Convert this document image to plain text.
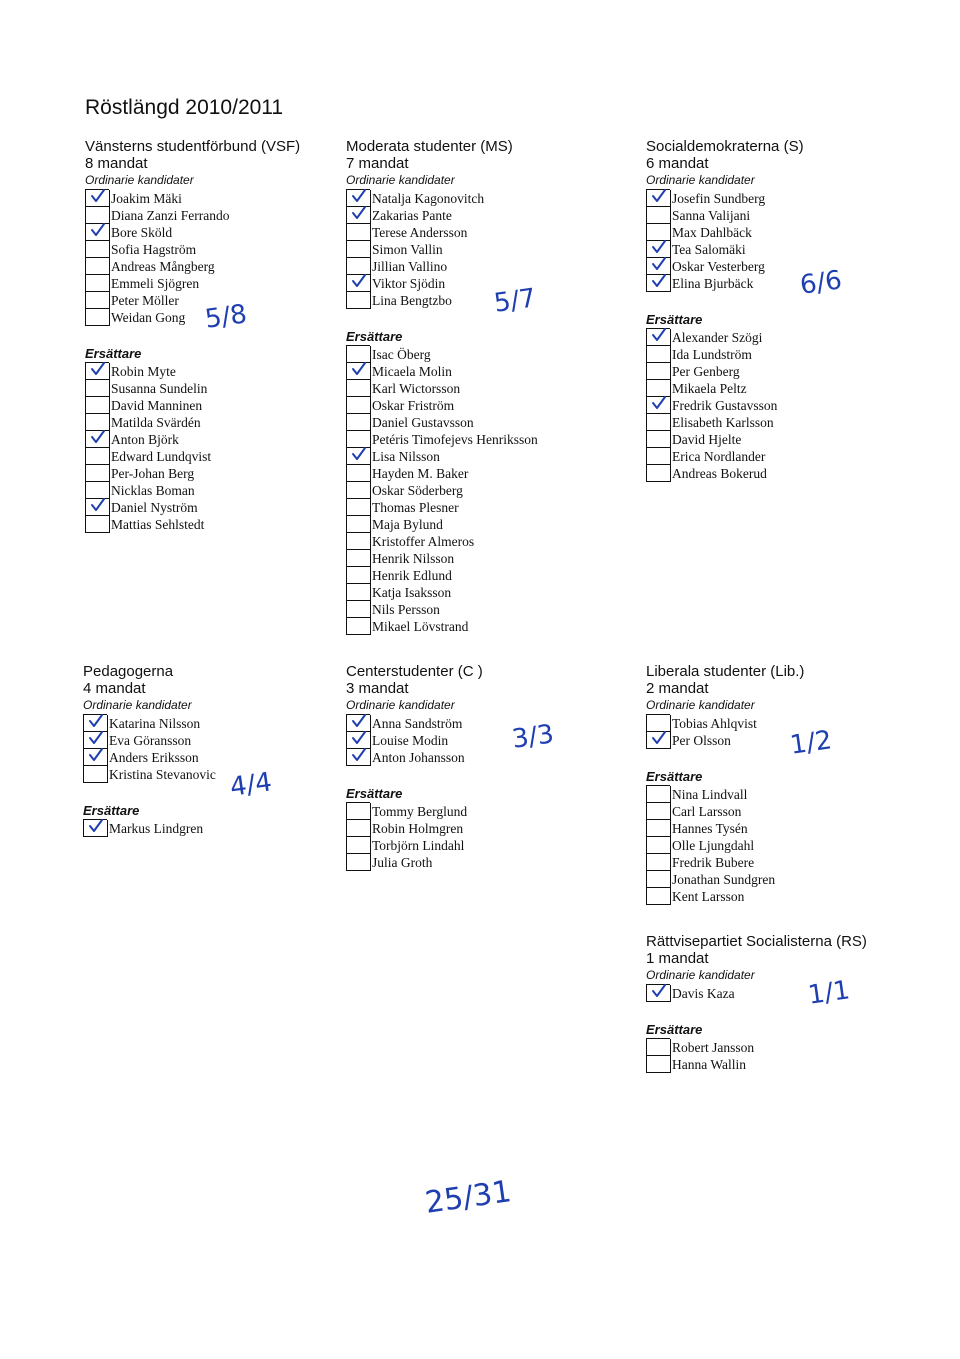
Röstlängd 2010/2011
Vänsterns studentförbund (VSF)
8 mandat
Ordinarie kandidater
Joakim Mäki
Diana Zanzi Ferrando
Bore Sköld
Sofia Hagström
Andreas Mångberg
Emmeli Sjögren
Peter Möller
Weidan Gong
Ersättare
Robin Myte
Susanna Sundelin
David Manninen
Matilda Svärdén
Anton Björk
Edward Lundqvist
Per-Johan Berg
Nicklas Boman
Daniel Nyström
Mattias Sehlstedt
Moderata studenter (MS)
7 mandat
Ordinarie kandidater
Natalja Kagonovitch
Zakarias Pante
Terese Andersson
Simon Vallin
Jillian Vallino
Viktor Sjödin
Lina Bengtzbo
Ersättare
Isac Öberg
Micaela Molin
Karl Wictorsson
Oskar Friström
Daniel Gustavsson
Petéris Timofejevs Henriksson
Lisa Nilsson
Hayden M. Baker
Oskar Söderberg
Thomas Plesner
Maja Bylund
Kristoffer Almeros
Henrik Nilsson
Henrik Edlund
Katja Isaksson
Nils Persson
Mikael Lövstrand
Socialdemokraterna (S)
6 mandat
Ordinarie kandidater
Josefin Sundberg
Sanna Valijani
Max Dahlbäck
Tea Salomäki
Oskar Vesterberg
Elina Bjurbäck
Ersättare
Alexander Szögi
Ida Lundström
Per Genberg
Mikaela Peltz
Fredrik Gustavsson
Elisabeth Karlsson
David Hjelte
Erica Nordlander
Andreas Bokerud
Pedagogerna
4 mandat
Ordinarie kandidater
Katarina Nilsson
Eva Göransson
Anders Eriksson
Kristina Stevanovic
Ersättare
Markus Lindgren
Centerstudenter (C )
3 mandat
Ordinarie kandidater
Anna Sandström
Louise Modin
Anton Johansson
Ersättare
Tommy Berglund
Robin Holmgren
Torbjörn Lindahl
Julia Groth
Liberala studenter (Lib.)
2 mandat
Ordinarie kandidater
Tobias Ahlqvist
Per Olsson
Ersättare
Nina Lindvall
Carl Larsson
Hannes Tysén
Olle Ljungdahl
Fredrik Bubere
Jonathan Sundgren
Kent Larsson
Rättvisepartiet Socialisterna (RS)
1 mandat
Ordinarie kandidater
Davis Kaza
Ersättare
Robert Jansson
Hanna Wallin
5/8	5/7
6/6
4/4
3/3	1/2
1/1
25/31
